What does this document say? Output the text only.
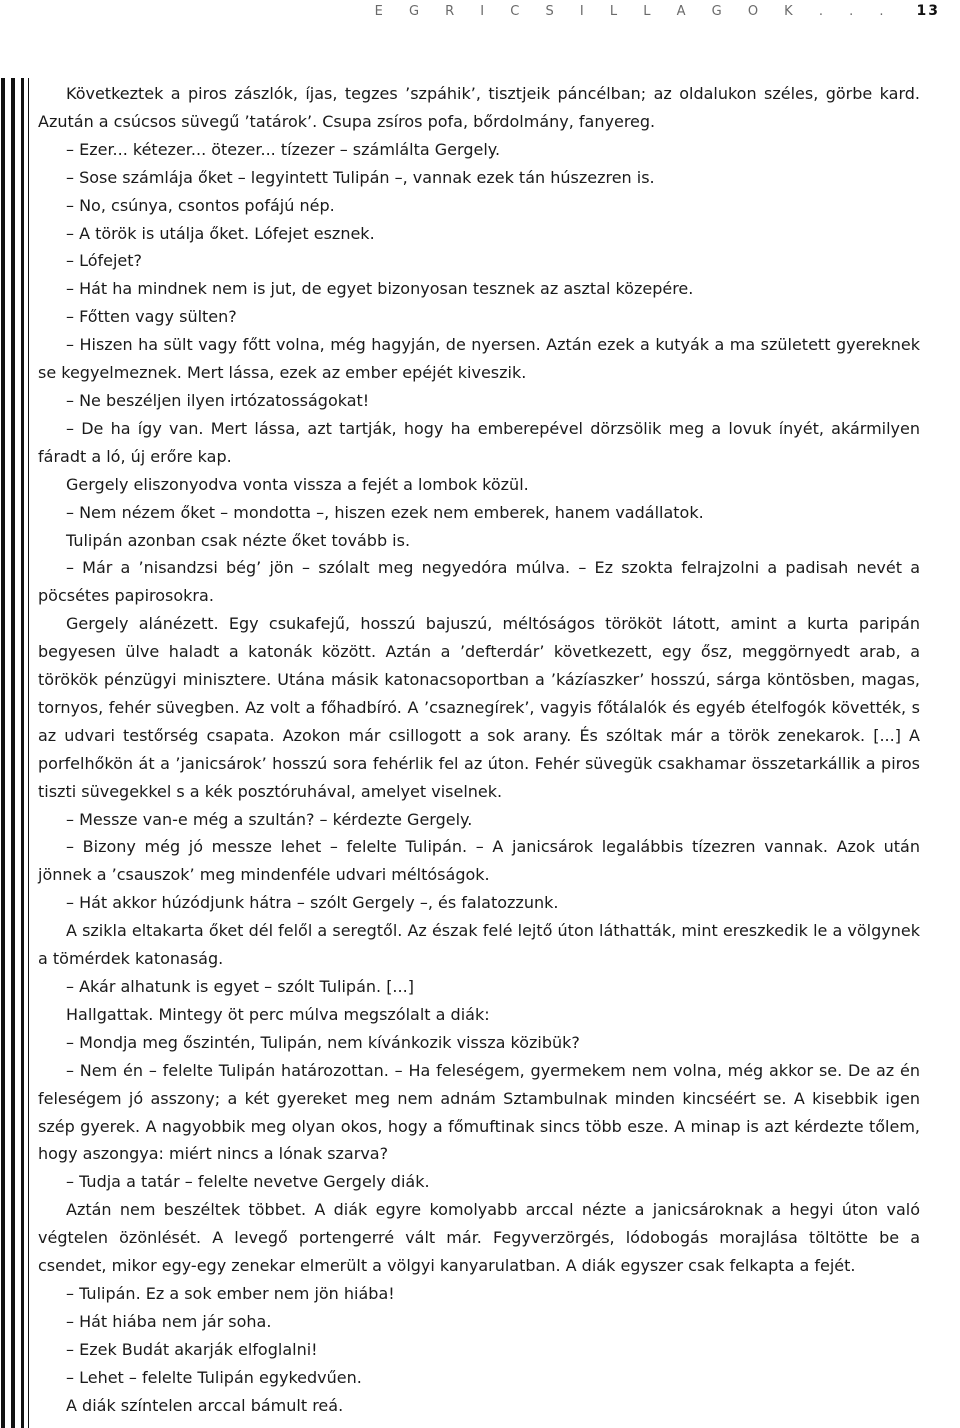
E G R I C S I L L A G O K . . . 13

Következtek a piros zászlók, íjas, tegzes ’szpáhik’, tisztjeik páncélban; az oldalukon széles, görbe kard. Azután a csúcsos süvegű ’tatárok’. Csupa zsíros pofa, bőrdolmány, fanyereg.

– Ezer... kétezer... ötezer... tízezer – számlálta Gergely.

– Sose számlája őket – legyintett Tulipán –, vannak ezek tán húszezren is.

– No, csúnya, csontos pofájú nép.

– A török is utálja őket. Lófejet esznek.

– Lófejet?

– Hát ha mindnek nem is jut, de egyet bizonyosan tesznek az asztal közepére.

– Főtten vagy sülten?

– Hiszen ha sült vagy főtt volna, még hagyján, de nyersen. Aztán ezek a kutyák a ma született gyereknek se kegyelmeznek. Mert lássa, ezek az ember epéjét kiveszik.

– Ne beszéljen ilyen irtózatosságokat!

– De ha így van. Mert lássa, azt tartják, hogy ha emberepével dörzsölik meg a lovuk ínyét, akármilyen fáradt a ló, új erőre kap.

Gergely eliszonyodva vonta vissza a fejét a lombok közül.

– Nem nézem őket – mondotta –, hiszen ezek nem emberek, hanem vadállatok.

Tulipán azonban csak nézte őket tovább is.

– Már a ’nisandzsi bég’ jön – szólalt meg negyedóra múlva. – Ez szokta felrajzolni a padisah nevét a pöcsétes papirosokra.

Gergely alánézett. Egy csukafejű, hosszú bajuszú, méltóságos törököt látott, amint a kurta paripán begyesen ülve haladt a katonák között. Aztán a ’defterdár’ következett, egy ősz, meggörnyedt arab, a törökök pénzügyi minisztere. Utána másik katonacsoportban a ’kázíaszker’ hosszú, sárga köntösben, magas, tornyos, fehér süvegben. Az volt a főhadbíró. A ’csaznegírek’, vagyis főtálalók és egyéb ételfogók követték, s az udvari testőrség csapata. Azokon már csillogott a sok arany. És szóltak már a török zenekarok. [...] A porfelhőkön át a ’janicsárok’ hosszú sora fehérlik fel az úton. Fehér süvegük csakhamar összetarkállik a piros tiszti süvegekkel s a kék posztóruhával, amelyet viselnek.

– Messze van-e még a szultán? – kérdezte Gergely.

– Bizony még jó messze lehet – felelte Tulipán. – A janicsárok legalábbis tízezren vannak. Azok után jönnek a ’csauszok’ meg mindenféle udvari méltóságok.

– Hát akkor húzódjunk hátra – szólt Gergely –, és falatozzunk.

A szikla eltakarta őket dél felől a seregtől. Az észak felé lejtő úton láthatták, mint ereszkedik le a völgynek a tömérdek katonaság.

– Akár alhatunk is egyet – szólt Tulipán. [...]

Hallgattak. Mintegy öt perc múlva megszólalt a diák:

– Mondja meg őszintén, Tulipán, nem kívánkozik vissza közibük?

– Nem én – felelte Tulipán határozottan. – Ha feleségem, gyermekem nem volna, még akkor se. De az én feleségem jó asszony; a két gyereket meg nem adnám Sztambulnak minden kincséért se. A kisebbik igen szép gyerek. A nagyobbik meg olyan okos, hogy a főmuftinak sincs több esze. A minap is azt kérdezte tőlem, hogy aszongya: miért nincs a lónak szarva?

– Tudja a tatár – felelte nevetve Gergely diák.

Aztán nem beszéltek többet. A diák egyre komolyabb arccal nézte a janicsároknak a hegyi úton való végtelen özönlését. A levegő portengerré vált már. Fegyverzörgés, lódobogás morajlása töltötte be a csendet, mikor egy-egy zenekar elmerült a völgyi kanyarulatban. A diák egyszer csak felkapta a fejét.

– Tulipán. Ez a sok ember nem jön hiába!

– Hát hiába nem jár soha.

– Ezek Budát akarják elfoglalni!

– Lehet – felelte Tulipán egykedvűen.

A diák színtelen arccal bámult reá.
